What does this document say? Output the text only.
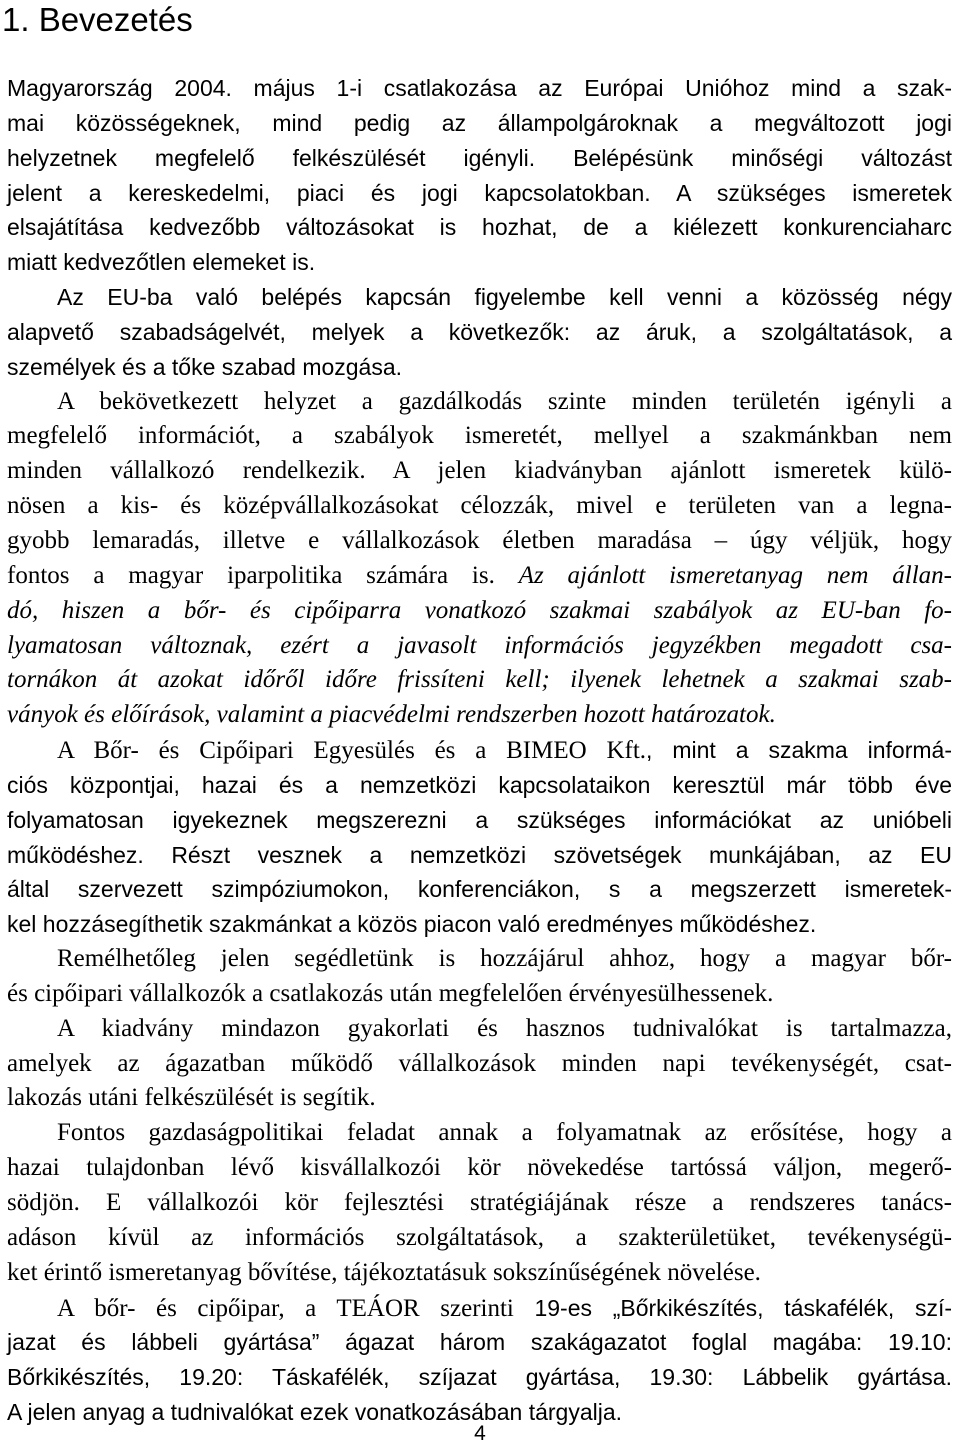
1. Bevezetés
Magyarország 2004. május 1-i csatlakozása az Európai Unióhoz mind a szak-
mai közösségeknek, mind pedig az állampolgároknak a megváltozott jogi
helyzetnek megfelelő felkészülését igényli. Belépésünk minőségi változást
jelent a kereskedelmi, piaci és jogi kapcsolatokban. A szükséges ismeretek
elsajátítása kedvezőbb változásokat is hozhat, de a kiélezett konkurenciaharc
miatt kedvezőtlen elemeket is.
Az EU-ba való belépés kapcsán figyelembe kell venni a közösség négy
alapvető szabadságelvét, melyek a következők: az áruk, a szolgáltatások, a
személyek és a tőke szabad mozgása.
A bekövetkezett helyzet a gazdálkodás szinte minden területén igényli a
megfelelő információt, a szabályok ismeretét, mellyel a szakmánkban nem
minden vállalkozó rendelkezik. A jelen kiadványban ajánlott ismeretek külö-
nösen a kis- és középvállalkozásokat célozzák, mivel e területen van a legna-
gyobb lemaradás, illetve e vállalkozások életben maradása – úgy véljük, hogy
fontos a magyar iparpolitika számára is. Az ajánlott ismeretanyag nem állan-
dó, hiszen a bőr- és cipőiparra vonatkozó szakmai szabályok az EU-ban fo-
lyamatosan változnak, ezért a javasolt információs jegyzékben megadott csa-
tornákon át azokat időről időre frissíteni kell; ilyenek lehetnek a szakmai szab-
ványok és előírások, valamint a piacvédelmi rendszerben hozott határozatok.
A Bőr- és Cipőipari Egyesülés és a BIMEO Kft., mint a szakma informá-
ciós központjai, hazai és a nemzetközi kapcsolataikon keresztül már több éve
folyamatosan igyekeznek megszerezni a szükséges információkat az unióbeli
működéshez. Részt vesznek a nemzetközi szövetségek munkájában, az EU
által szervezett szimpóziumokon, konferenciákon, s a megszerzett ismeretek-
kel hozzásegíthetik szakmánkat a közös piacon való eredményes működéshez.
Remélhetőleg jelen segédletünk is hozzájárul ahhoz, hogy a magyar bőr-
és cipőipari vállalkozók a csatlakozás után megfelelően érvényesülhessenek.
A kiadvány mindazon gyakorlati és hasznos tudnivalókat is tartalmazza,
amelyek az ágazatban működő vállalkozások minden napi tevékenységét, csat-
lakozás utáni felkészülését is segítik.
Fontos gazdaságpolitikai feladat annak a folyamatnak az erősítése, hogy a
hazai tulajdonban lévő kisvállalkozói kör növekedése tartóssá váljon, megerő-
södjön. E vállalkozói kör fejlesztési stratégiájának része a rendszeres tanács-
adáson kívül az információs szolgáltatások, a szakterületüket, tevékenységü-
ket érintő ismeretanyag bővítése, tájékoztatásuk sokszínűségének növelése.
A bőr- és cipőipar, a TEÁOR szerinti 19-es „Bőrkikészítés, táskafélék, szí-
jazat és lábbeli gyártása” ágazat három szakágazatot foglal magába: 19.10:
Bőrkikészítés, 19.20: Táskafélék, szíjazat gyártása, 19.30: Lábbelik gyártása.
A jelen anyag a tudnivalókat ezek vonatkozásában tárgyalja.
4
